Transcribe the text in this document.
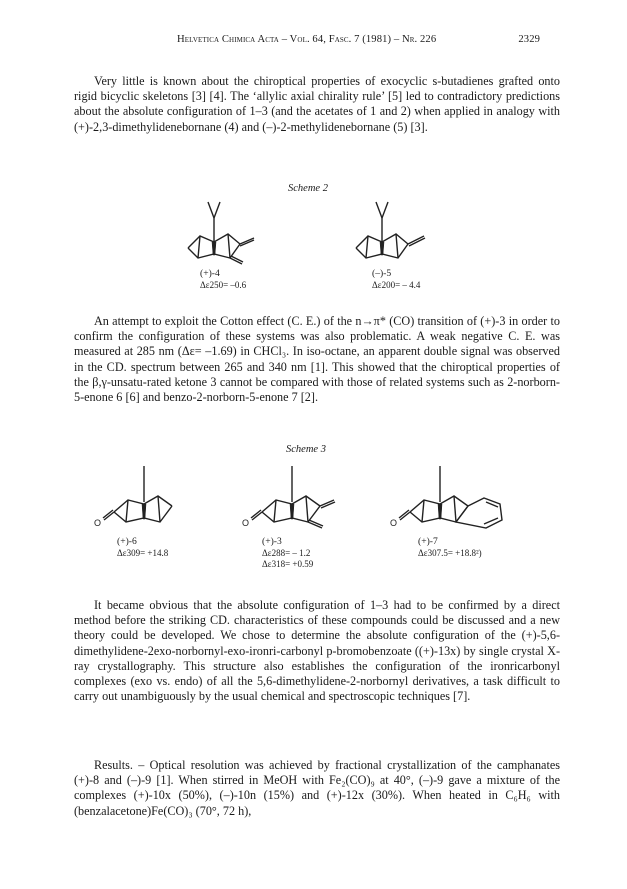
Helvetica Chimica Acta – Vol. 64, Fasc. 7 (1981) – Nr. 226	2329

Very little is known about the chiroptical properties of exocyclic s-butadienes grafted onto rigid bicyclic skeletons [3] [4]. The ‘allylic axial chirality rule’ [5] led to contradictory predictions about the absolute configuration of 1–3 (and the acetates of 1 and 2) when applied in analogy with (+)-2,3-dimethylidenebornane (4) and (–)-2-methylidenebornane (5) [3].

Scheme 2
(+)-4
Δε250= –0.6
(–)-5
Δε200= – 4.4

An attempt to exploit the Cotton effect (C. E.) of the n→π* (CO) transition of (+)-3 in order to confirm the configuration of these systems was also problematic. A weak negative C. E. was measured at 285 nm (Δε= –1.69) in CHCl₃. In iso-octane, an apparent double signal was observed in the CD. spectrum between 265 and 340 nm [1]. This showed that the chiroptical properties of the β,γ-unsatu-rated ketone 3 cannot be compared with those of related systems such as 2-norborn-5-enone 6 [6] and benzo-2-norborn-5-enone 7 [2].

Scheme 3
O
(+)-6
Δε309= +14.8
O
(+)-3
Δε288= – 1.2
Δε318= +0.59
O
(+)-7
Δε307.5= +18.8²)

It became obvious that the absolute configuration of 1–3 had to be confirmed by a direct method before the striking CD. characteristics of these compounds could be discussed and a new theory could be developed. We chose to determine the absolute configuration of the (+)-5,6-dimethylidene-2exo-norbornyl-exo-ironri-carbonyl p-bromobenzoate ((+)-13x) by single crystal X-ray crystallography. This structure also establishes the configuration of the ironricarbonyl complexes (exo vs. endo) of all the 5,6-dimethylidene-2-norbornyl derivatives, a task difficult to carry out unambiguously by the usual chemical and spectroscopic techniques [7].

Results. – Optical resolution was achieved by fractional crystallization of the camphanates (+)-8 and (–)-9 [1]. When stirred in MeOH with Fe₂(CO)₉ at 40°, (–)-9 gave a mixture of the complexes (+)-10x (50%), (–)-10n (15%) and (+)-12x (30%). When heated in C₆H₆ with (benzalacetone)Fe(CO)₃ (70°, 72 h),
